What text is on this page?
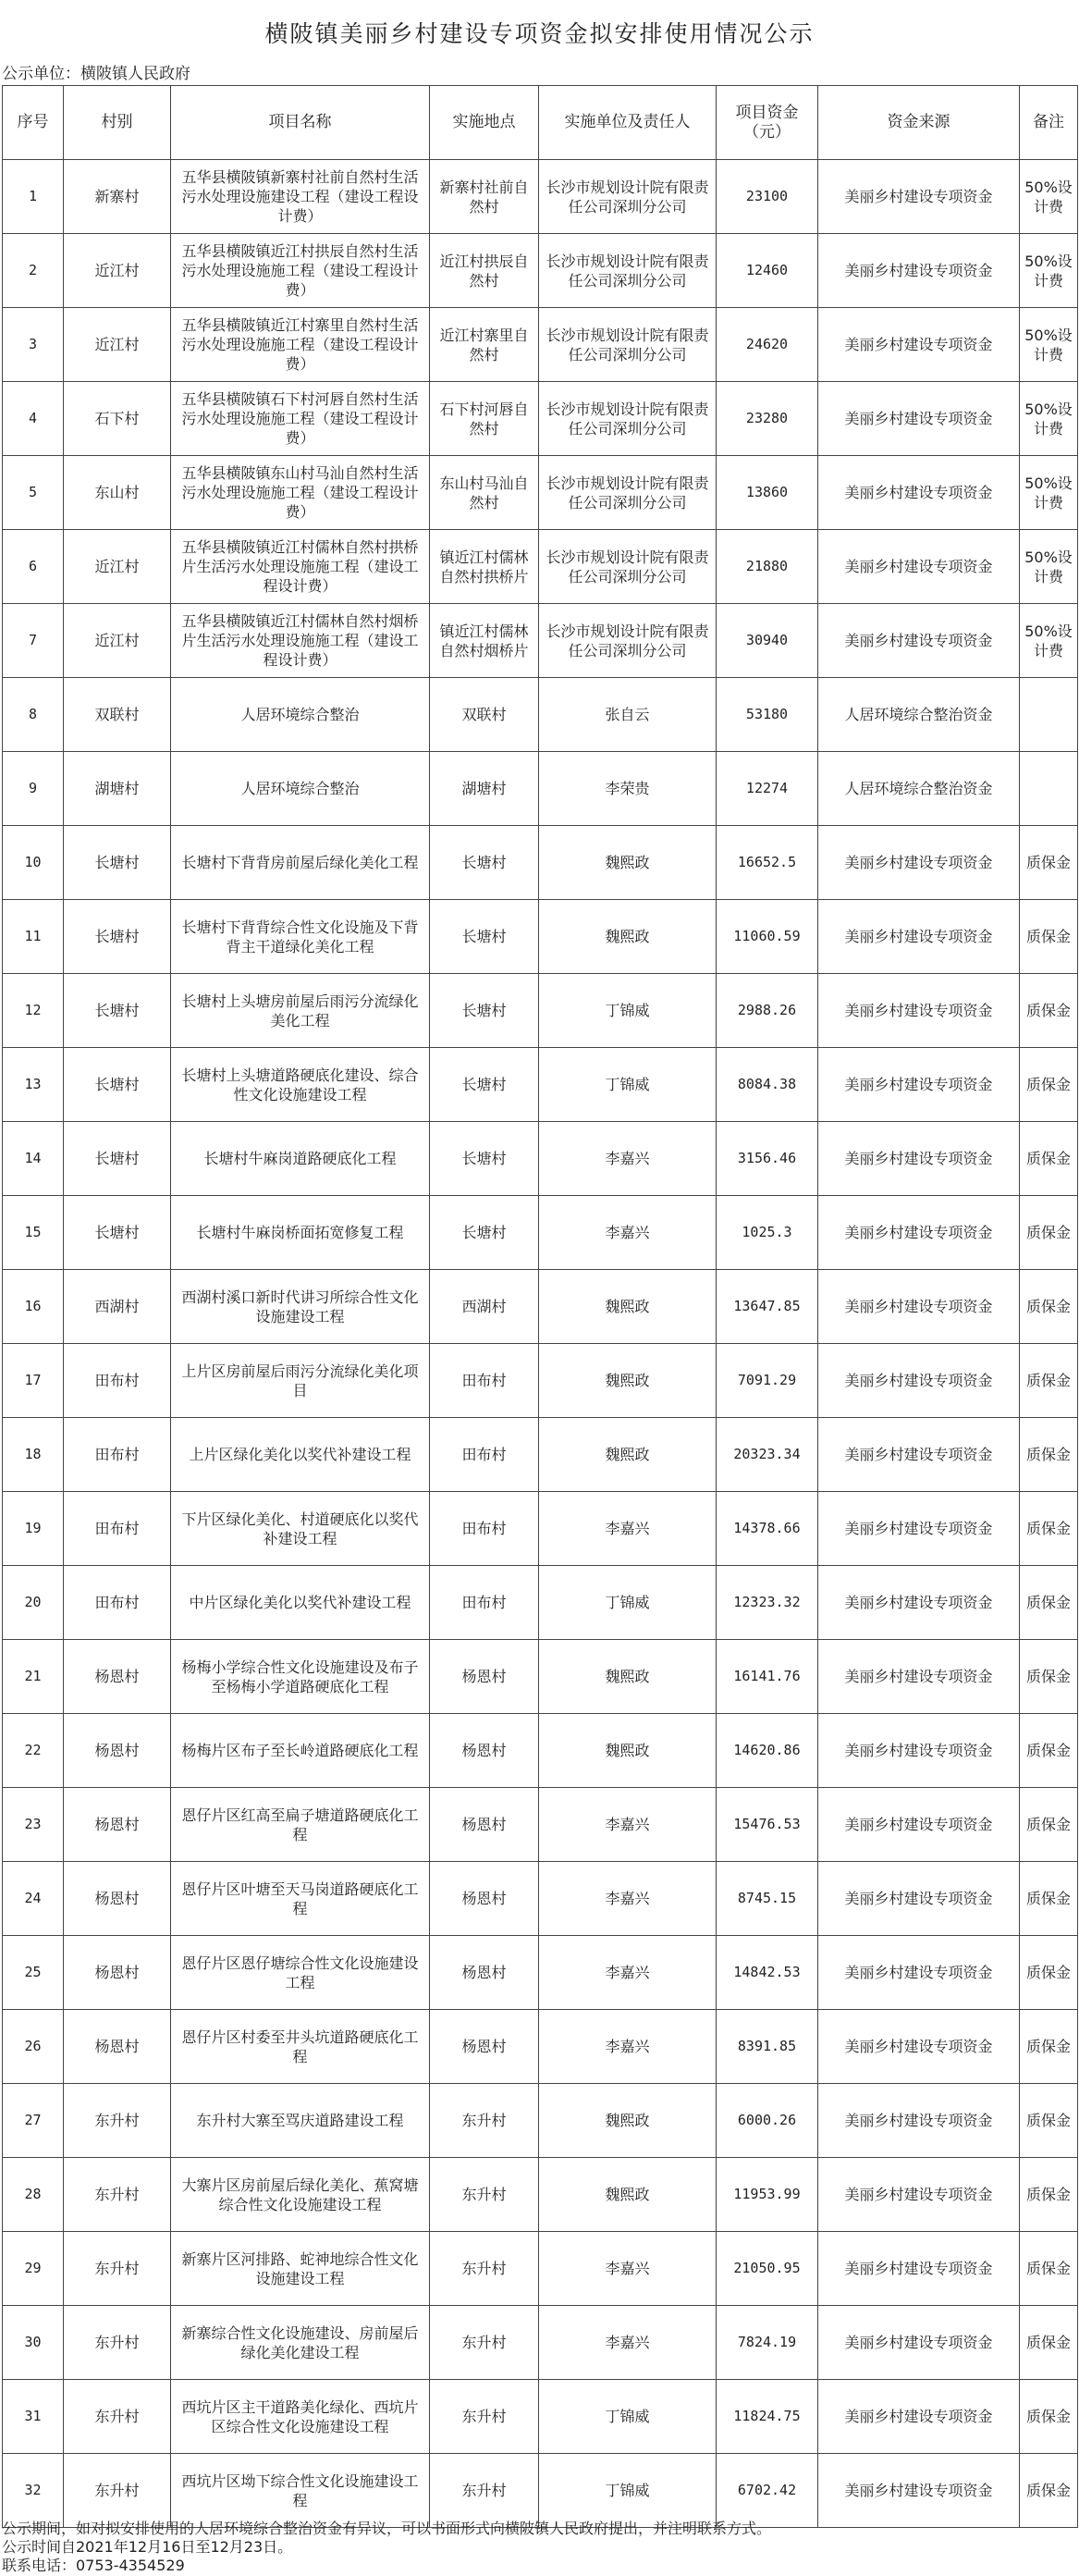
横陂镇美丽乡村建设专项资金拟安排使用情况公示
公示单位：横陂镇人民政府
序号	村别	项目名称	实施地点	实施单位及责任人	项目资金（元）	资金来源	备注
1	新寨村	五华县横陂镇新寨村社前自然村生活污水处理设施建设工程（建设工程设计费）	新寨村社前自然村	长沙市规划设计院有限责任公司深圳分公司	23100	美丽乡村建设专项资金	50%设计费
2	近江村	五华县横陂镇近江村拱辰自然村生活污水处理设施施工程（建设工程设计费）	近江村拱辰自然村	长沙市规划设计院有限责任公司深圳分公司	12460	美丽乡村建设专项资金	50%设计费
3	近江村	五华县横陂镇近江村寨里自然村生活污水处理设施施工程（建设工程设计费）	近江村寨里自然村	长沙市规划设计院有限责任公司深圳分公司	24620	美丽乡村建设专项资金	50%设计费
4	石下村	五华县横陂镇石下村河唇自然村生活污水处理设施施工程（建设工程设计费）	石下村河唇自然村	长沙市规划设计院有限责任公司深圳分公司	23280	美丽乡村建设专项资金	50%设计费
5	东山村	五华县横陂镇东山村马汕自然村生活污水处理设施施工程（建设工程设计费）	东山村马汕自然村	长沙市规划设计院有限责任公司深圳分公司	13860	美丽乡村建设专项资金	50%设计费
6	近江村	五华县横陂镇近江村儒林自然村拱桥片生活污水处理设施施工程（建设工程设计费）	镇近江村儒林自然村拱桥片	长沙市规划设计院有限责任公司深圳分公司	21880	美丽乡村建设专项资金	50%设计费
7	近江村	五华县横陂镇近江村儒林自然村烟桥片生活污水处理设施施工程（建设工程设计费）	镇近江村儒林自然村烟桥片	长沙市规划设计院有限责任公司深圳分公司	30940	美丽乡村建设专项资金	50%设计费
8	双联村	人居环境综合整治	双联村	张自云	53180	人居环境综合整治资金	
9	湖塘村	人居环境综合整治	湖塘村	李荣贵	12274	人居环境综合整治资金	
10	长塘村	长塘村下背背房前屋后绿化美化工程	长塘村	魏熙政	16652.5	美丽乡村建设专项资金	质保金
11	长塘村	长塘村下背背综合性文化设施及下背背主干道绿化美化工程	长塘村	魏熙政	11060.59	美丽乡村建设专项资金	质保金
12	长塘村	长塘村上头塘房前屋后雨污分流绿化美化工程	长塘村	丁锦威	2988.26	美丽乡村建设专项资金	质保金
13	长塘村	长塘村上头塘道路硬底化建设、综合性文化设施建设工程	长塘村	丁锦威	8084.38	美丽乡村建设专项资金	质保金
14	长塘村	长塘村牛麻岗道路硬底化工程	长塘村	李嘉兴	3156.46	美丽乡村建设专项资金	质保金
15	长塘村	长塘村牛麻岗桥面拓宽修复工程	长塘村	李嘉兴	1025.3	美丽乡村建设专项资金	质保金
16	西湖村	西湖村溪口新时代讲习所综合性文化设施建设工程	西湖村	魏熙政	13647.85	美丽乡村建设专项资金	质保金
17	田布村	上片区房前屋后雨污分流绿化美化项目	田布村	魏熙政	7091.29	美丽乡村建设专项资金	质保金
18	田布村	上片区绿化美化以奖代补建设工程	田布村	魏熙政	20323.34	美丽乡村建设专项资金	质保金
19	田布村	下片区绿化美化、村道硬底化以奖代补建设工程	田布村	李嘉兴	14378.66	美丽乡村建设专项资金	质保金
20	田布村	中片区绿化美化以奖代补建设工程	田布村	丁锦威	12323.32	美丽乡村建设专项资金	质保金
21	杨恩村	杨梅小学综合性文化设施建设及布子至杨梅小学道路硬底化工程	杨恩村	魏熙政	16141.76	美丽乡村建设专项资金	质保金
22	杨恩村	杨梅片区布子至长岭道路硬底化工程	杨恩村	魏熙政	14620.86	美丽乡村建设专项资金	质保金
23	杨恩村	恩仔片区红高至扁子塘道路硬底化工程	杨恩村	李嘉兴	15476.53	美丽乡村建设专项资金	质保金
24	杨恩村	恩仔片区叶塘至天马岗道路硬底化工程	杨恩村	李嘉兴	8745.15	美丽乡村建设专项资金	质保金
25	杨恩村	恩仔片区恩仔塘综合性文化设施建设工程	杨恩村	李嘉兴	14842.53	美丽乡村建设专项资金	质保金
26	杨恩村	恩仔片区村委至井头坑道路硬底化工程	杨恩村	李嘉兴	8391.85	美丽乡村建设专项资金	质保金
27	东升村	东升村大寨至骂庆道路建设工程	东升村	魏熙政	6000.26	美丽乡村建设专项资金	质保金
28	东升村	大寨片区房前屋后绿化美化、蕉窝塘综合性文化设施建设工程	东升村	魏熙政	11953.99	美丽乡村建设专项资金	质保金
29	东升村	新寨片区河排路、蛇神地综合性文化设施建设工程	东升村	李嘉兴	21050.95	美丽乡村建设专项资金	质保金
30	东升村	新寨综合性文化设施建设、房前屋后绿化美化建设工程	东升村	李嘉兴	7824.19	美丽乡村建设专项资金	质保金
31	东升村	西坑片区主干道路美化绿化、西坑片区综合性文化设施建设工程	东升村	丁锦威	11824.75	美丽乡村建设专项资金	质保金
32	东升村	西坑片区坳下综合性文化设施建设工程	东升村	丁锦威	6702.42	美丽乡村建设专项资金	质保金
公示期间，如对拟安排使用的人居环境综合整治资金有异议，可以书面形式向横陂镇人民政府提出，并注明联系方式。
公示时间自2021年12月16日至12月23日。
联系电话：0753-4354529
